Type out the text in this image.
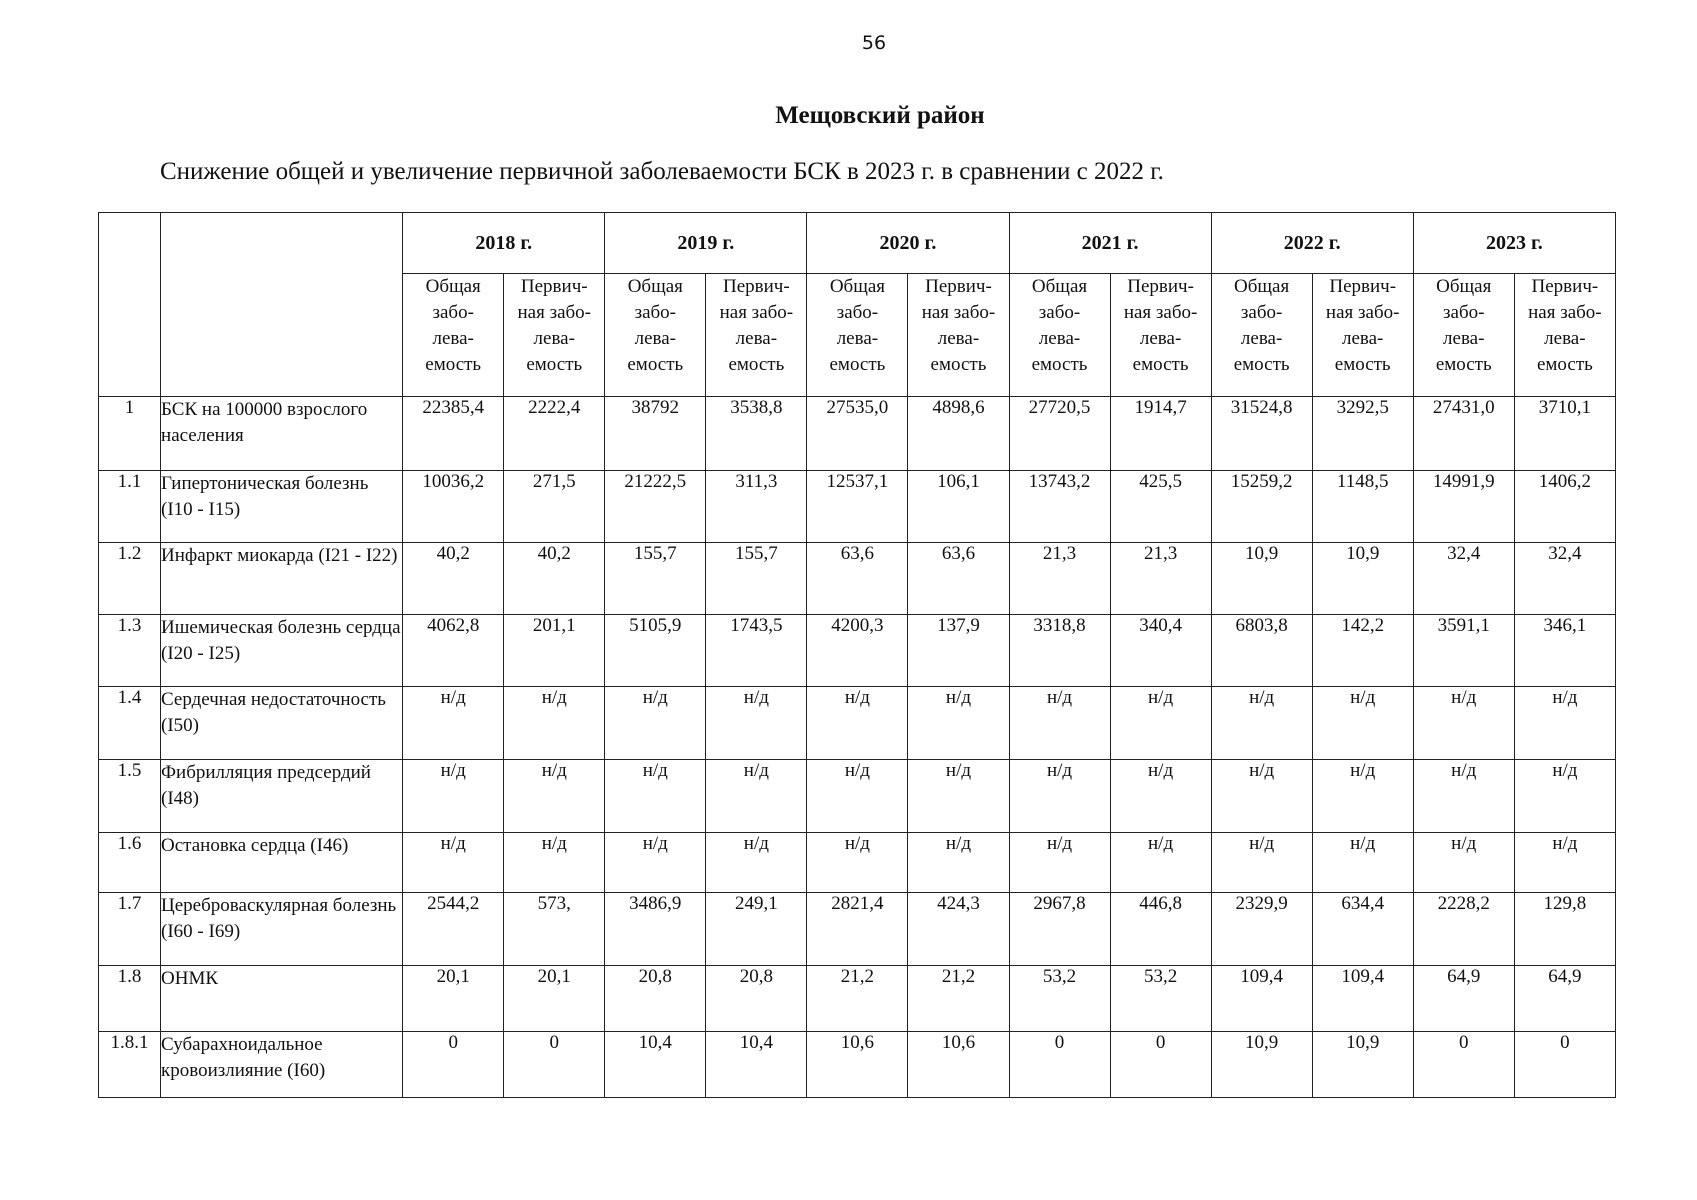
56
Мещовский район
Снижение общей и увеличение первичной заболеваемости БСК в 2023 г. в сравнении с 2022 г.
		2018 г.		2019 г.		2020 г.		2021 г.		2022 г.		2023 г.	
		Общая
забо-
лева-
емость	Первич-
ная забо-
лева-
емость	Общая
забо-
лева-
емость	Первич-
ная забо-
лева-
емость	Общая
забо-
лева-
емость	Первич-
ная забо-
лева-
емость	Общая
забо-
лева-
емость	Первич-
ная забо-
лева-
емость	Общая
забо-
лева-
емость	Первич-
ная забо-
лева-
емость	Общая
забо-
лева-
емость	Первич-
ная забо-
лева-
емость
1	БСК на 100000 взрослого населения	22385,4	2222,4	38792	3538,8	27535,0	4898,6	27720,5	1914,7	31524,8	3292,5	27431,0	3710,1
1.1	Гипертоническая болезнь (I10 - I15)	10036,2	271,5	21222,5	311,3	12537,1	106,1	13743,2	425,5	15259,2	1148,5	14991,9	1406,2
1.2	Инфаркт миокарда (I21 - I22)	40,2	40,2	155,7	155,7	63,6	63,6	21,3	21,3	10,9	10,9	32,4	32,4
1.3	Ишемическая болезнь сердца (I20 - I25)	4062,8	201,1	5105,9	1743,5	4200,3	137,9	3318,8	340,4	6803,8	142,2	3591,1	346,1
1.4	Сердечная недостаточность (I50)	н/д	н/д	н/д	н/д	н/д	н/д	н/д	н/д	н/д	н/д	н/д	н/д
1.5	Фибрилляция предсердий (I48)	н/д	н/д	н/д	н/д	н/д	н/д	н/д	н/д	н/д	н/д	н/д	н/д
1.6	Остановка сердца (I46)	н/д	н/д	н/д	н/д	н/д	н/д	н/д	н/д	н/д	н/д	н/д	н/д
1.7	Цереброваскулярная болезнь (I60 - I69)	2544,2	573,	3486,9	249,1	2821,4	424,3	2967,8	446,8	2329,9	634,4	2228,2	129,8
1.8	ОНМК	20,1	20,1	20,8	20,8	21,2	21,2	53,2	53,2	109,4	109,4	64,9	64,9
1.8.1	Субарахноидальное кровоизлияние (I60)	0	0	10,4	10,4	10,6	10,6	0	0	10,9	10,9	0	0
